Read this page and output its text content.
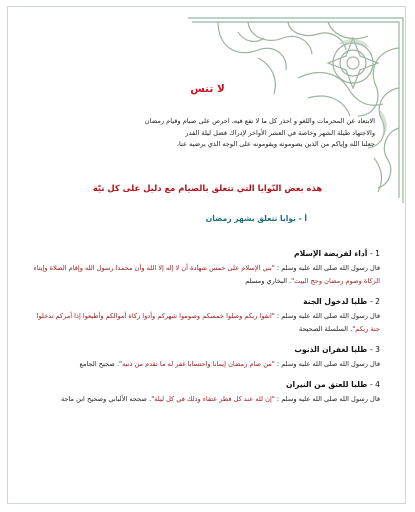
لا تنس

الابتعاد عن المحرمات واللغو و احذر كل ما لا نفع فيه، احرص على صيام وقيام رمضان

والاجتهاد طيلة الشهر وخاصة في العشر الأواخر لإدراك فضل ليلة القدر

جعلنا الله وإياكم من الذين يصومونه ويقومونه على الوجه الذي يرضيه عنا،

هذه بعض النّوايا التي تتعلق بالصيام مع دليل على كل نيّة
أ - نوايا تتعلق بشهر رمضان

1 - أداء لفريضة الإسلام

قال رسول الله صلى الله عليه وسلم : "بني الإسلام على خمس شهادة أن لا إله إلا الله وأن محمدا رسول الله وإقام الصلاة وإيتاء الزكاة وصوم رمضان وحج البيت". البخاري ومسلم

2 - طلبا لدخول الجنة

قال رسول الله صلى الله عليه وسلم : "اتقوا ربكم وصلوا خمسكم وصوموا شهركم وأدوا زكاة أموالكم وأطيعوا إذا أمركم تدخلوا جنة ربكم". السلسلة الصحيحة

3 - طلبا لغفران الذنوب

قال رسول الله صلى الله عليه وسلم : "من صام رمضان إيمانا واحتسابا غفر له ما تقدم من ذنبه". صحيح الجامع

4 - طلبا للعتق من النيران

قال رسول الله صلى الله عليه وسلم : "إن لله عند كل فطر عتقاء وذلك في كل ليلة". صححه الألباني وصحيح ابن ماجة
